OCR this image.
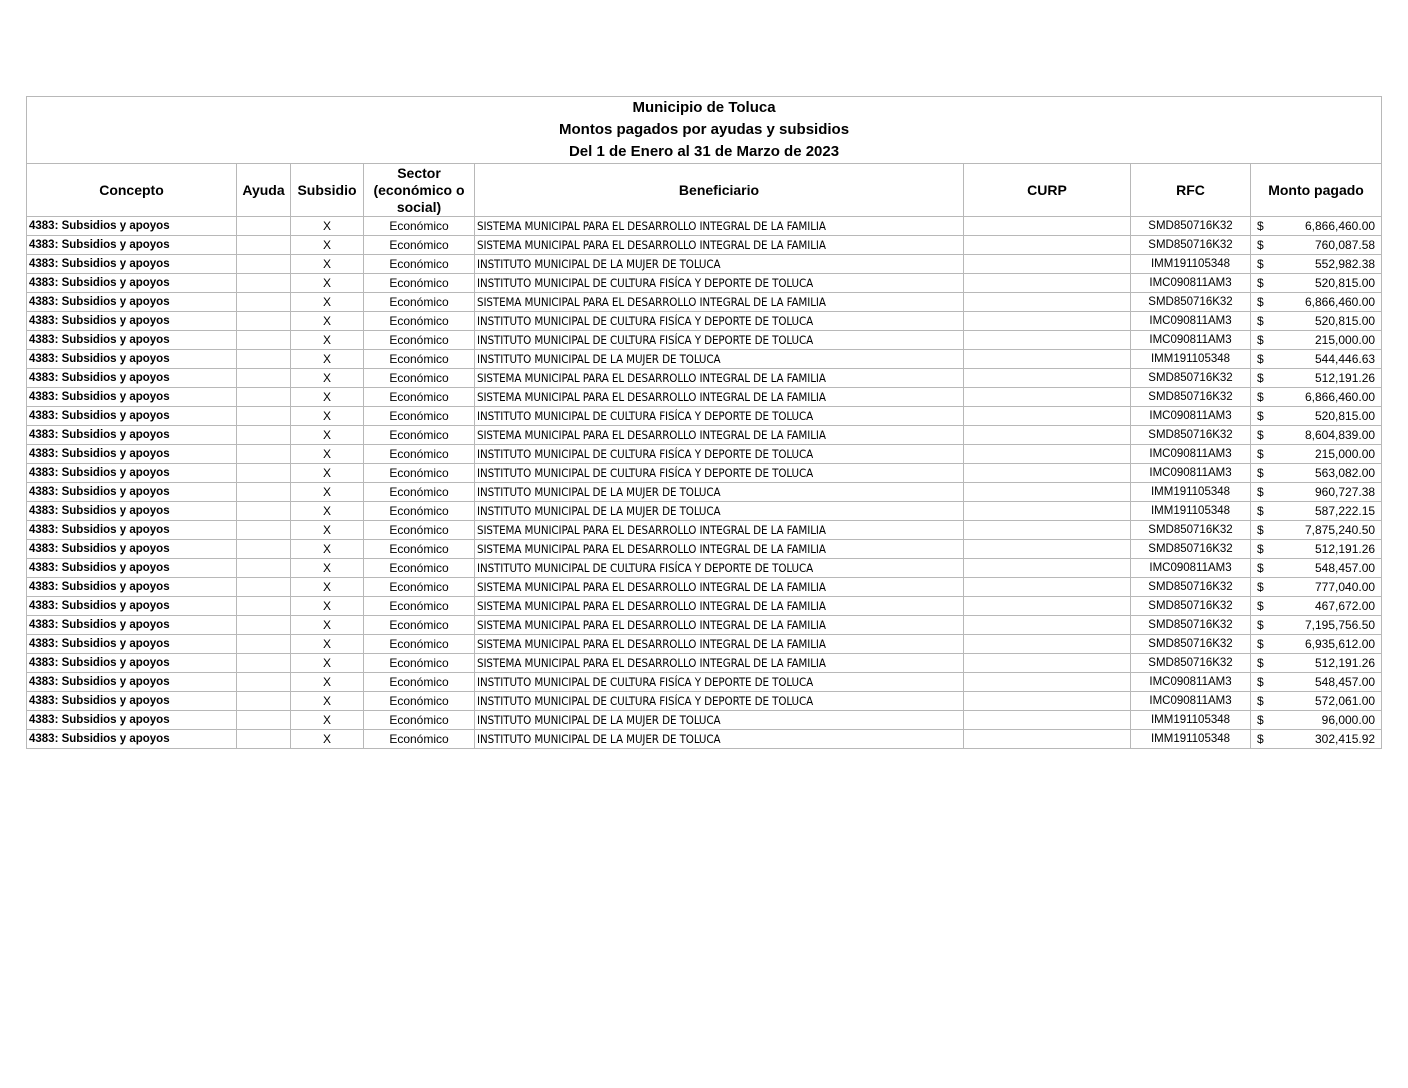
Municipio de Toluca
Montos pagados por ayudas y subsidios
Del 1 de Enero al 31 de Marzo de 2023							

Concepto	Ayuda	Subsidio	Sector (económico o social)	Beneficiario	CURP	RFC	Monto pagado
4383: Subsidios y apoyos		X	Económico	SISTEMA MUNICIPAL PARA EL DESARROLLO INTEGRAL DE LA FAMILIA		SMD850716K32	$ 6,866,460.00

4383: Subsidios y apoyos		X	Económico	SISTEMA MUNICIPAL PARA EL DESARROLLO INTEGRAL DE LA FAMILIA		SMD850716K32	$ 760,087.58

4383: Subsidios y apoyos		X	Económico	INSTITUTO MUNICIPAL DE LA MUJER DE TOLUCA		IMM191105348	$ 552,982.38

4383: Subsidios y apoyos		X	Económico	INSTITUTO MUNICIPAL DE CULTURA FISÍCA Y DEPORTE DE TOLUCA		IMC090811AM3	$ 520,815.00

4383: Subsidios y apoyos		X	Económico	SISTEMA MUNICIPAL PARA EL DESARROLLO INTEGRAL DE LA FAMILIA		SMD850716K32	$ 6,866,460.00

4383: Subsidios y apoyos		X	Económico	INSTITUTO MUNICIPAL DE CULTURA FISÍCA Y DEPORTE DE TOLUCA		IMC090811AM3	$ 520,815.00

4383: Subsidios y apoyos		X	Económico	INSTITUTO MUNICIPAL DE CULTURA FISÍCA Y DEPORTE DE TOLUCA		IMC090811AM3	$ 215,000.00

4383: Subsidios y apoyos		X	Económico	INSTITUTO MUNICIPAL DE LA MUJER DE TOLUCA		IMM191105348	$ 544,446.63

4383: Subsidios y apoyos		X	Económico	SISTEMA MUNICIPAL PARA EL DESARROLLO INTEGRAL DE LA FAMILIA		SMD850716K32	$ 512,191.26

4383: Subsidios y apoyos		X	Económico	SISTEMA MUNICIPAL PARA EL DESARROLLO INTEGRAL DE LA FAMILIA		SMD850716K32	$ 6,866,460.00

4383: Subsidios y apoyos		X	Económico	INSTITUTO MUNICIPAL DE CULTURA FISÍCA Y DEPORTE DE TOLUCA		IMC090811AM3	$ 520,815.00

4383: Subsidios y apoyos		X	Económico	SISTEMA MUNICIPAL PARA EL DESARROLLO INTEGRAL DE LA FAMILIA		SMD850716K32	$ 8,604,839.00

4383: Subsidios y apoyos		X	Económico	INSTITUTO MUNICIPAL DE CULTURA FISÍCA Y DEPORTE DE TOLUCA		IMC090811AM3	$ 215,000.00

4383: Subsidios y apoyos		X	Económico	INSTITUTO MUNICIPAL DE CULTURA FISÍCA Y DEPORTE DE TOLUCA		IMC090811AM3	$ 563,082.00

4383: Subsidios y apoyos		X	Económico	INSTITUTO MUNICIPAL DE LA MUJER DE TOLUCA		IMM191105348	$ 960,727.38

4383: Subsidios y apoyos		X	Económico	INSTITUTO MUNICIPAL DE LA MUJER DE TOLUCA		IMM191105348	$ 587,222.15

4383: Subsidios y apoyos		X	Económico	SISTEMA MUNICIPAL PARA EL DESARROLLO INTEGRAL DE LA FAMILIA		SMD850716K32	$ 7,875,240.50

4383: Subsidios y apoyos		X	Económico	SISTEMA MUNICIPAL PARA EL DESARROLLO INTEGRAL DE LA FAMILIA		SMD850716K32	$ 512,191.26

4383: Subsidios y apoyos		X	Económico	INSTITUTO MUNICIPAL DE CULTURA FISÍCA Y DEPORTE DE TOLUCA		IMC090811AM3	$ 548,457.00

4383: Subsidios y apoyos		X	Económico	SISTEMA MUNICIPAL PARA EL DESARROLLO INTEGRAL DE LA FAMILIA		SMD850716K32	$ 777,040.00

4383: Subsidios y apoyos		X	Económico	SISTEMA MUNICIPAL PARA EL DESARROLLO INTEGRAL DE LA FAMILIA		SMD850716K32	$ 467,672.00

4383: Subsidios y apoyos		X	Económico	SISTEMA MUNICIPAL PARA EL DESARROLLO INTEGRAL DE LA FAMILIA		SMD850716K32	$ 7,195,756.50

4383: Subsidios y apoyos		X	Económico	SISTEMA MUNICIPAL PARA EL DESARROLLO INTEGRAL DE LA FAMILIA		SMD850716K32	$ 6,935,612.00

4383: Subsidios y apoyos		X	Económico	SISTEMA MUNICIPAL PARA EL DESARROLLO INTEGRAL DE LA FAMILIA		SMD850716K32	$ 512,191.26

4383: Subsidios y apoyos		X	Económico	INSTITUTO MUNICIPAL DE CULTURA FISÍCA Y DEPORTE DE TOLUCA		IMC090811AM3	$ 548,457.00

4383: Subsidios y apoyos		X	Económico	INSTITUTO MUNICIPAL DE CULTURA FISÍCA Y DEPORTE DE TOLUCA		IMC090811AM3	$ 572,061.00

4383: Subsidios y apoyos		X	Económico	INSTITUTO MUNICIPAL DE LA MUJER DE TOLUCA		IMM191105348	$ 96,000.00

4383: Subsidios y apoyos		X	Económico	INSTITUTO MUNICIPAL DE LA MUJER DE TOLUCA		IMM191105348	$ 302,415.92
